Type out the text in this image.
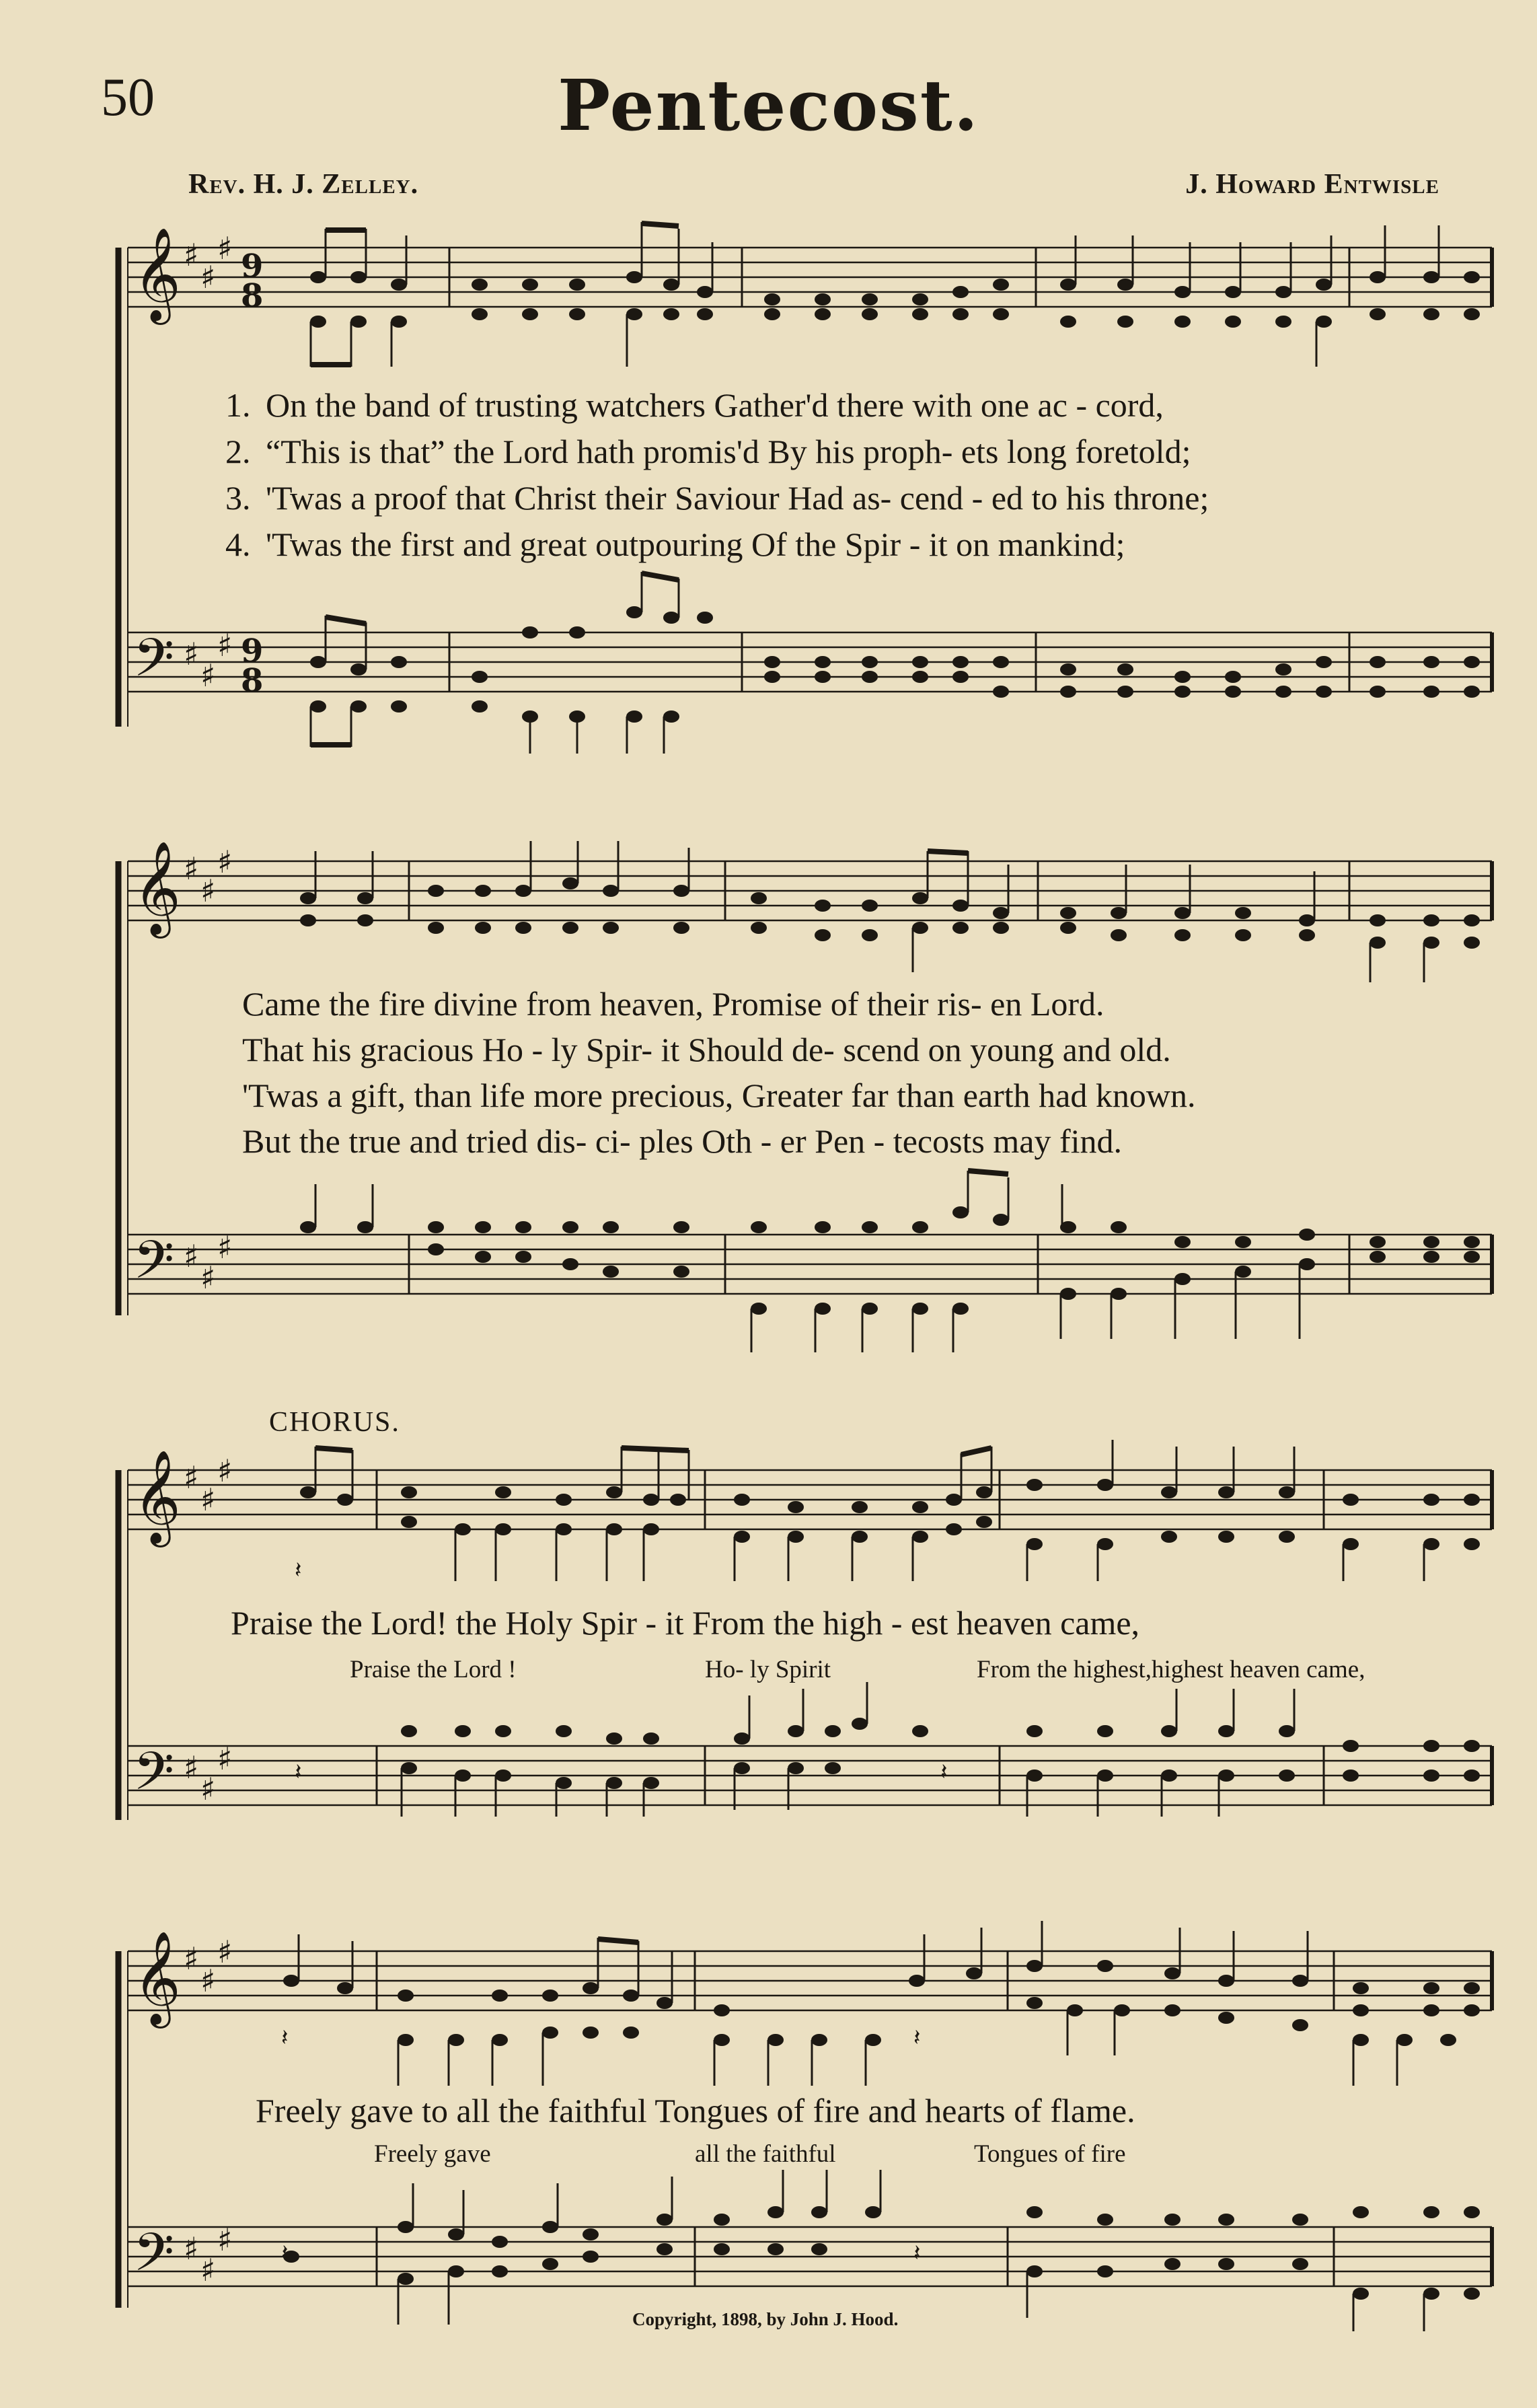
50	Pentecost.
Rev. H. J. Zelley.	J. Howard Entwisle
𝄞
𝄢
♯
♯
♯
♯
♯
♯
9
8
9
8
1. On the band of trusting watchers Gather'd there with one ac - cord,
2. “This is that” the Lord hath promis'd By his proph- ets long foretold;
3. 'Twas a proof that Christ their Saviour Had as- cend - ed to his throne;
4. 'Twas the first and great outpouring Of the Spir - it on mankind;
𝄞
𝄢
♯
♯
♯
♯
♯
♯
Came the fire divine from heaven, Promise of their ris- en Lord.
That his gracious Ho - ly Spir- it Should de- scend on young and old.
'Twas a gift, than life more precious, Greater far than earth had known.
But the true and tried dis- ci- ples Oth - er Pen - tecosts may find.
CHORUS.
𝄞
𝄢
♯
♯
♯
♯
♯
♯
𝄽
𝄽	𝄽
Praise the Lord! the Holy Spir - it From the high - est heaven came,
Praise the Lord !	Ho- ly Spirit	From the highest,highest heaven came,
𝄞
𝄢
♯
♯
♯
♯
♯
♯
𝄽	𝄽
𝄽	𝄽
Freely gave to all the faithful Tongues of fire and hearts of flame.
Freely gave	all the faithful	Tongues of fire
Copyright, 1898, by John J. Hood.
